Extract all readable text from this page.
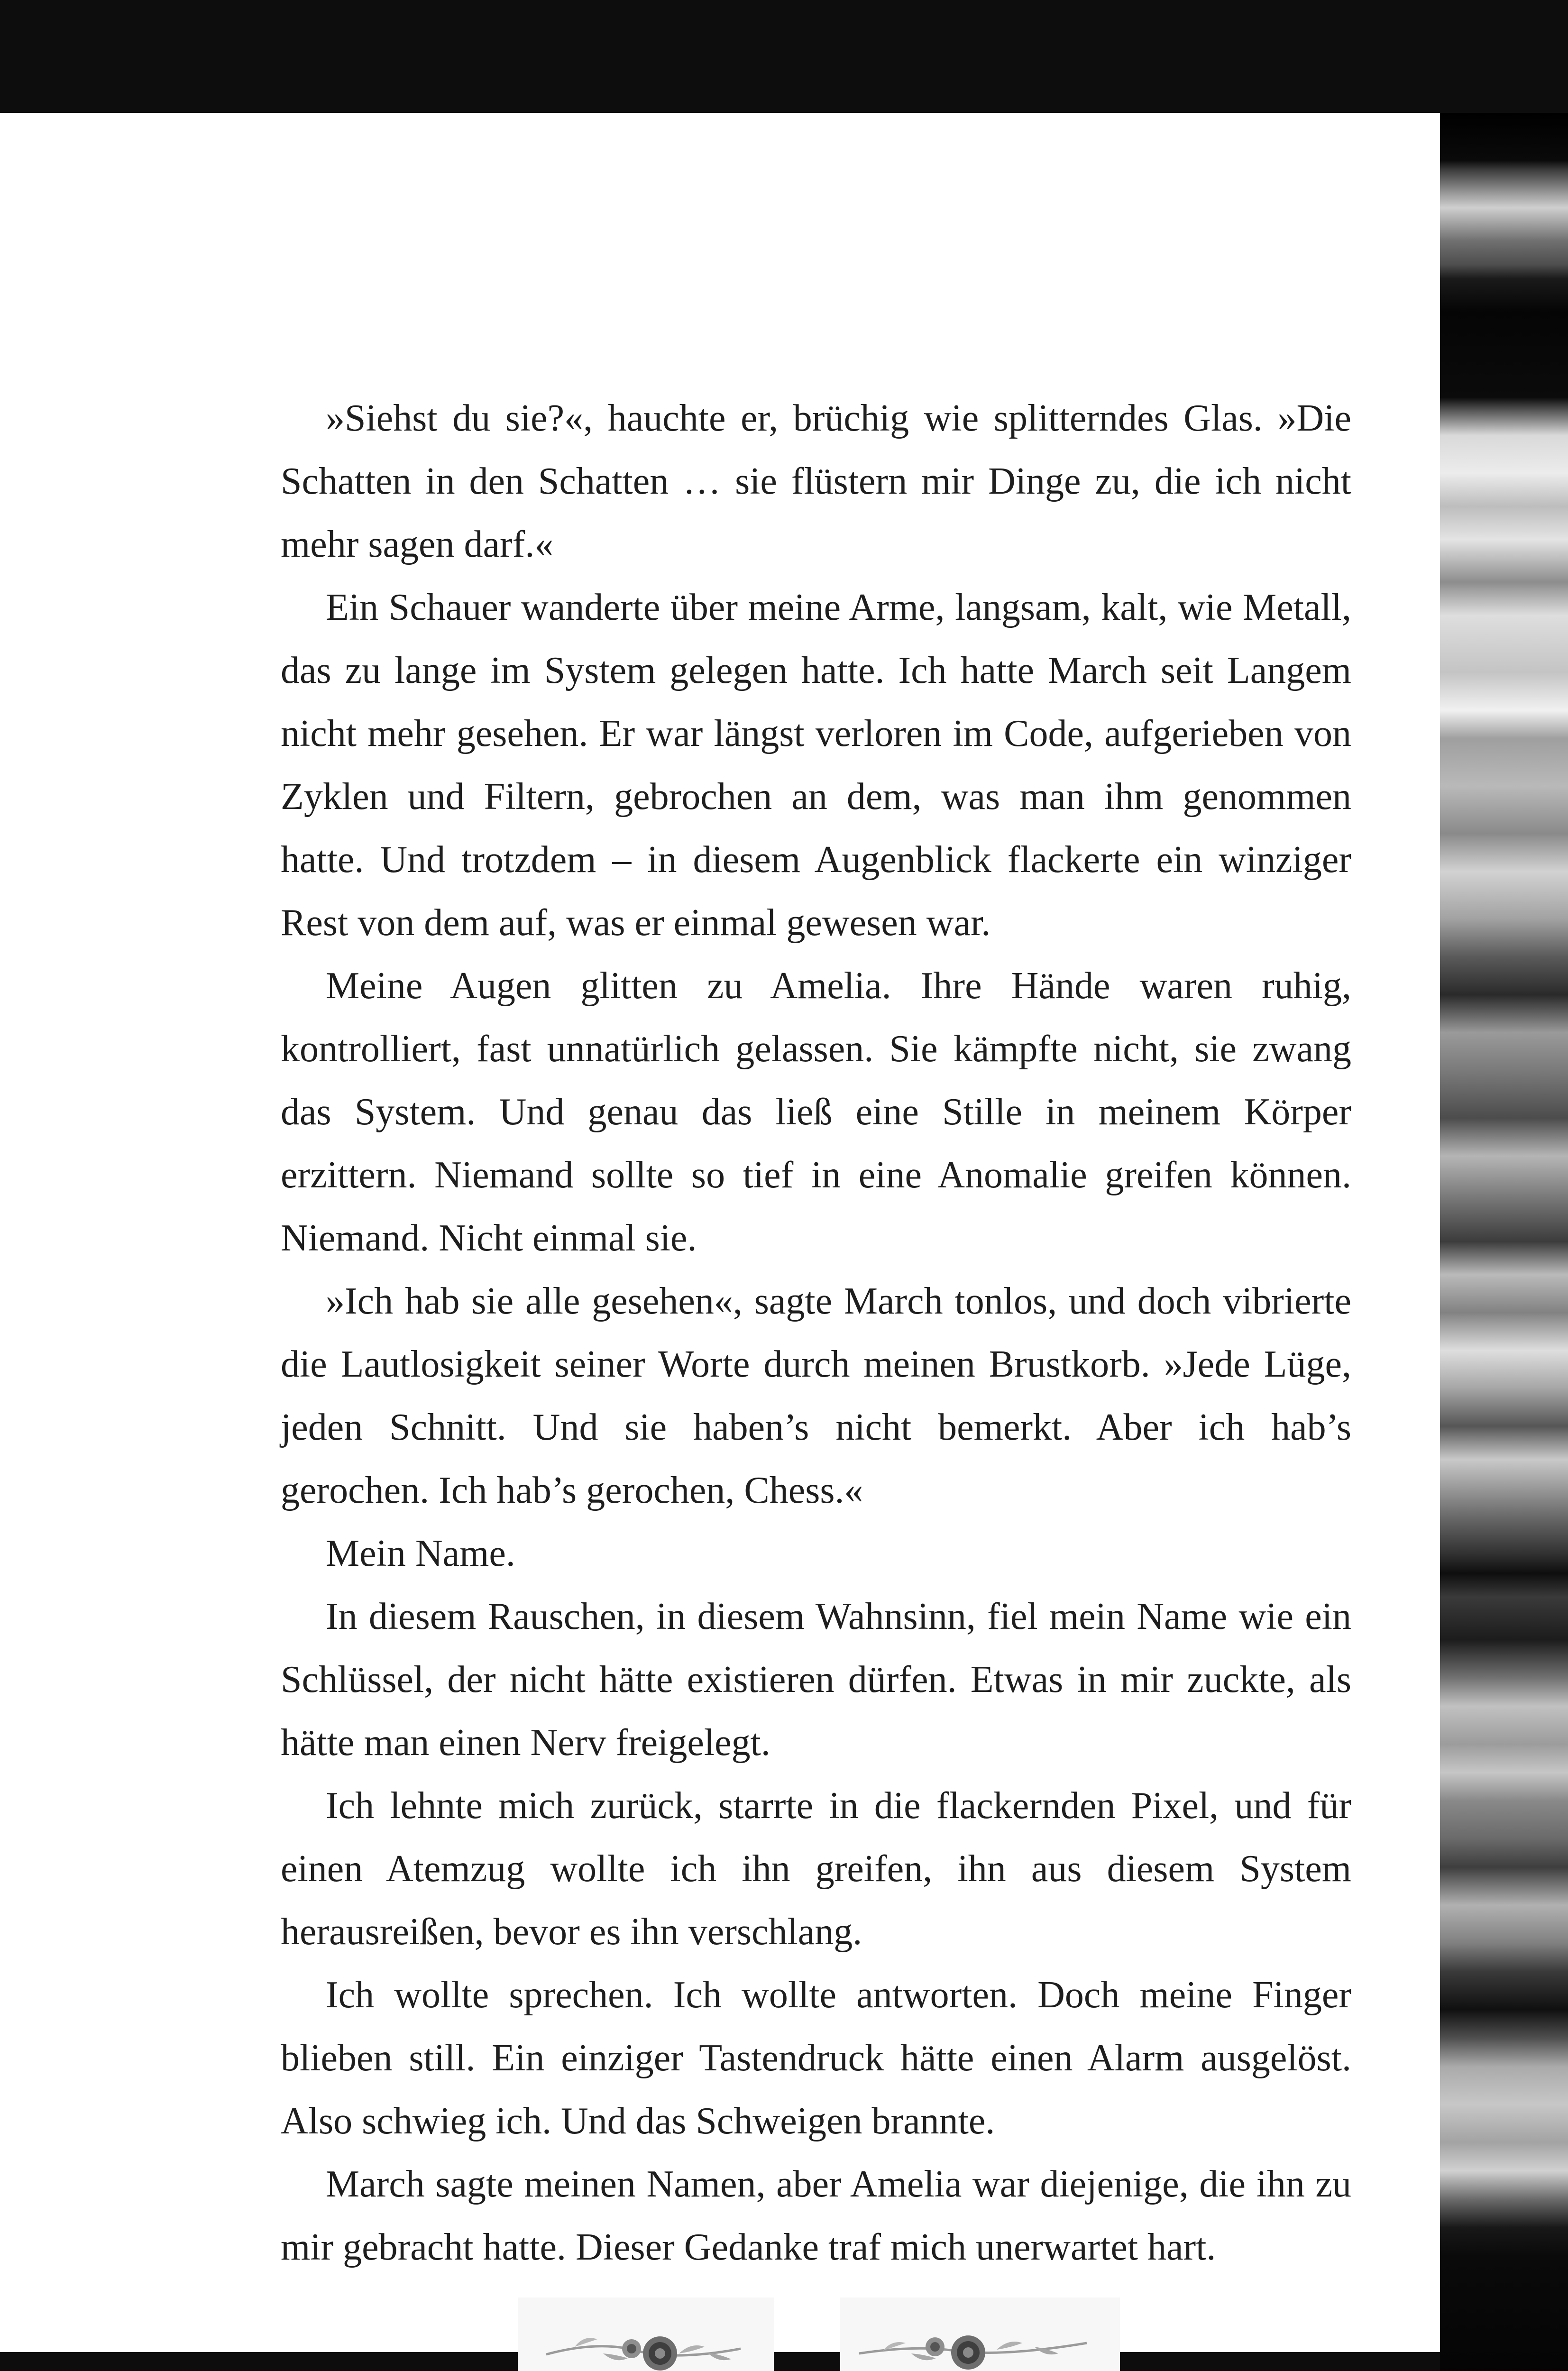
»Siehst du sie?«, hauchte er, brüchig wie splitterndes Glas. »Die Schatten in den Schatten … sie flüstern mir Dinge zu, die ich nicht mehr sagen darf.«

Ein Schauer wanderte über meine Arme, langsam, kalt, wie Metall, das zu lange im System gelegen hatte. Ich hatte March seit Langem nicht mehr gesehen. Er war längst verloren im Code, aufgerieben von Zyklen und Filtern, gebrochen an dem, was man ihm genommen hatte. Und trotzdem – in diesem Augenblick flackerte ein winziger Rest von dem auf, was er einmal gewesen war.

Meine Augen glitten zu Amelia. Ihre Hände waren ruhig, kontrolliert, fast unnatürlich gelassen. Sie kämpfte nicht, sie zwang das System. Und genau das ließ eine Stille in meinem Körper erzittern. Niemand sollte so tief in eine Anomalie greifen können. Niemand. Nicht einmal sie.

»Ich hab sie alle gesehen«, sagte March tonlos, und doch vibrierte die Lautlosigkeit seiner Worte durch meinen Brustkorb. »Jede Lüge, jeden Schnitt. Und sie haben’s nicht bemerkt. Aber ich hab’s gerochen. Ich hab’s gerochen, Chess.«

Mein Name.

In diesem Rauschen, in diesem Wahnsinn, fiel mein Name wie ein Schlüssel, der nicht hätte existieren dürfen. Etwas in mir zuckte, als hätte man einen Nerv freigelegt.

Ich lehnte mich zurück, starrte in die flackernden Pixel, und für einen Atemzug wollte ich ihn greifen, ihn aus diesem System herausreißen, bevor es ihn verschlang.

Ich wollte sprechen. Ich wollte antworten. Doch meine Finger blieben still. Ein einziger Tastendruck hätte einen Alarm ausgelöst. Also schwieg ich. Und das Schweigen brannte.

March sagte meinen Namen, aber Amelia war diejenige, die ihn zu mir gebracht hatte. Dieser Gedanke traf mich unerwartet hart.
